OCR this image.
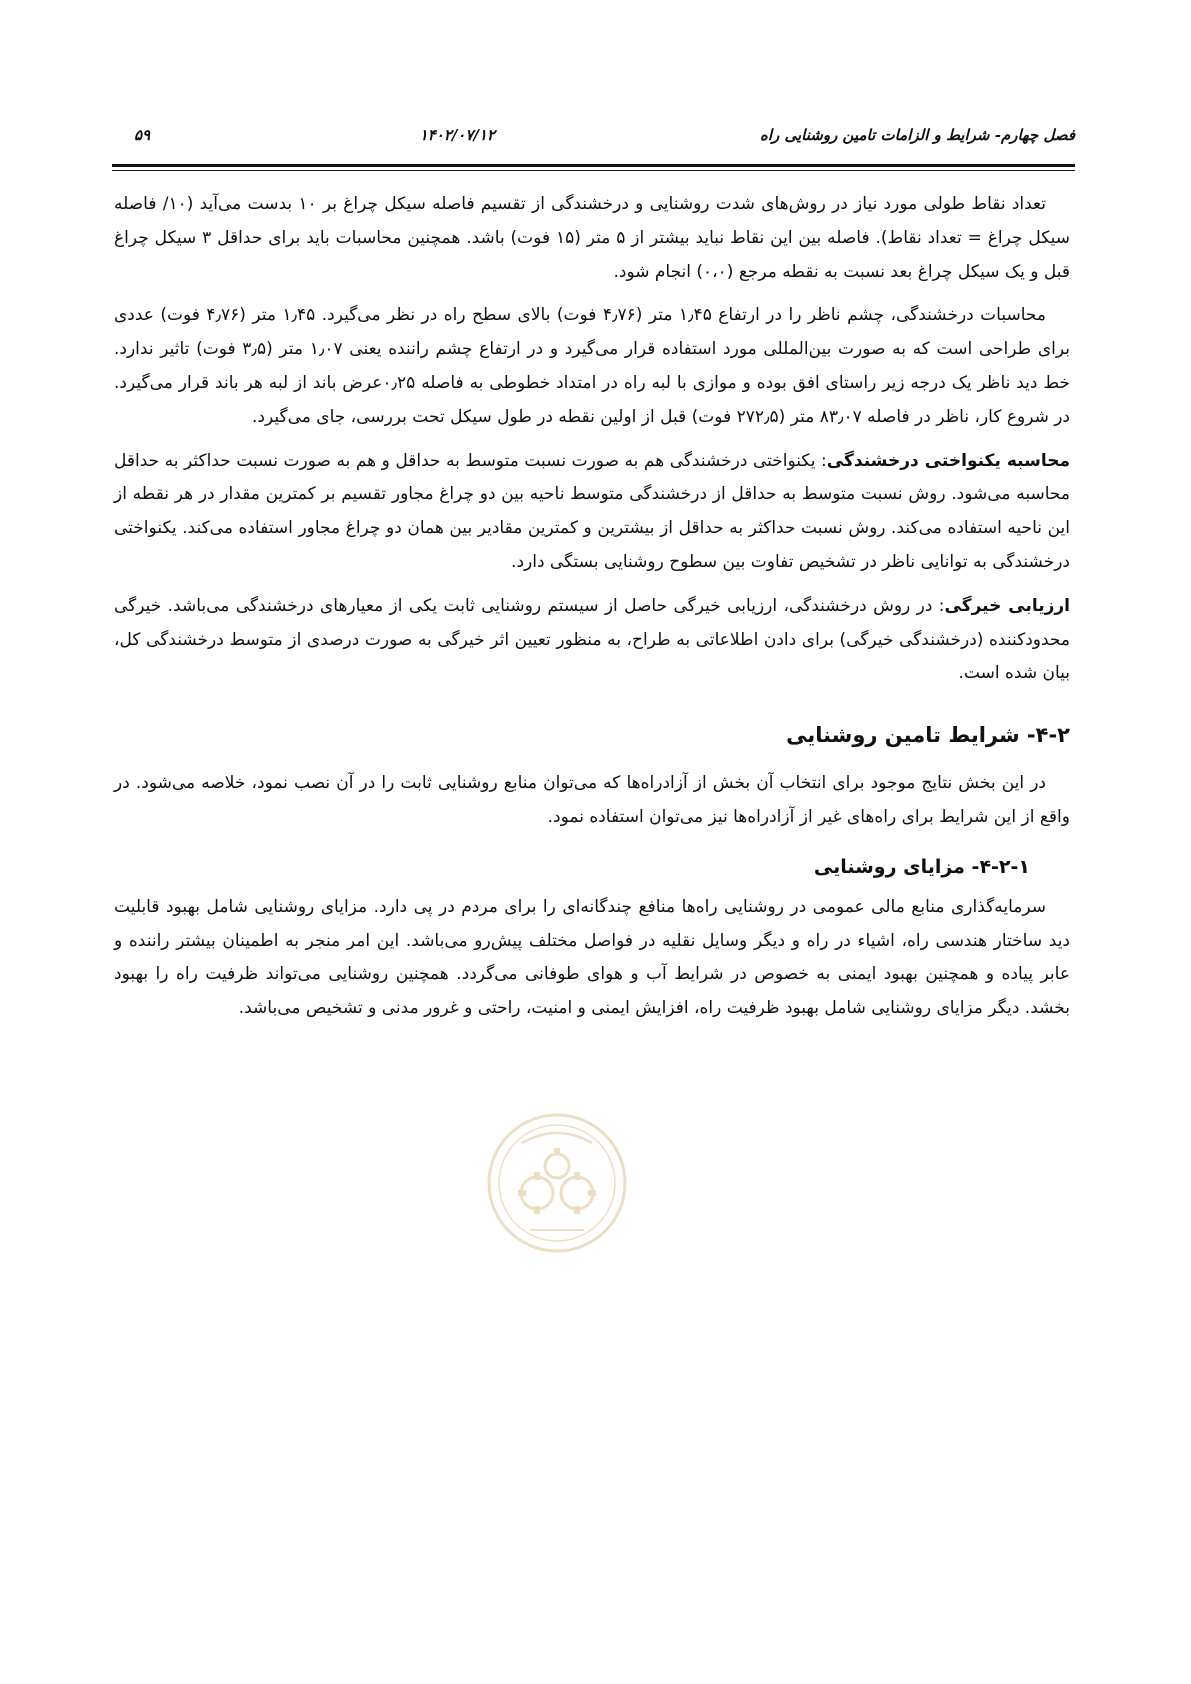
فصل چهارم- شرایط و الزامات تامین روشنایی راه
۱۴۰۲/۰۷/۱۲
۵۹

تعداد نقاط طولی مورد نیاز در روش‌های شدت روشنایی و درخشندگی از تقسیم فاصله سیکل چراغ بر ۱۰ بدست می‌آید (۱۰/ فاصله سیکل چراغ = تعداد نقاط). فاصله بین این نقاط نباید بیشتر از ۵ متر (۱۵ فوت) باشد. همچنین محاسبات باید برای حداقل ۳ سیکل چراغ قبل و یک سیکل چراغ بعد نسبت به نقطه مرجع (۰،۰) انجام شود.

محاسبات درخشندگی، چشم ناظر را در ارتفاع ۱٫۴۵ متر (۴٫۷۶ فوت) بالای سطح راه در نظر می‌گیرد. ۱٫۴۵ متر (۴٫۷۶ فوت) عددی برای طراحی است که به صورت بین‌المللی مورد استفاده قرار می‌گیرد و در ارتفاع چشم راننده یعنی ۱٫۰۷ متر (۳٫۵ فوت) تاثیر ندارد. خط دید ناظر یک درجه زیر راستای افق بوده و موازی با لبه راه در امتداد خطوطی به فاصله ۰٫۲۵عرض باند از لبه هر باند قرار می‌گیرد. در شروع کار، ناظر در فاصله ۸۳٫۰۷ متر (۲۷۲٫۵ فوت) قبل از اولین نقطه در طول سیکل تحت بررسی، جای می‌گیرد.

محاسبه یکنواختی درخشندگی: یکنواختی درخشندگی هم به صورت نسبت متوسط به حداقل و هم به صورت نسبت حداکثر به حداقل محاسبه می‌شود. روش نسبت متوسط به حداقل از درخشندگی متوسط ناحیه بین دو چراغ مجاور تقسیم بر کمترین مقدار در هر نقطه از این ناحیه استفاده می‌کند. روش نسبت حداکثر به حداقل از بیشترین و کمترین مقادیر بین همان دو چراغ مجاور استفاده می‌کند. یکنواختی درخشندگی به توانایی ناظر در تشخیص تفاوت بین سطوح روشنایی بستگی دارد.

ارزیابی خیرگی: در روش درخشندگی، ارزیابی خیرگی حاصل از سیستم روشنایی ثابت یکی از معیارهای درخشندگی می‌باشد. خیرگی محدودکننده (درخشندگی خیرگی) برای دادن اطلاعاتی به طراح، به منظور تعیین اثر خیرگی به صورت درصدی از متوسط درخشندگی کل، بیان شده است.

۴-۲- شرایط تامین روشنایی

در این بخش نتایج موجود برای انتخاب آن بخش از آزادراه‌ها که می‌توان منابع روشنایی ثابت را در آن نصب نمود، خلاصه می‌شود. در واقع از این شرایط برای راه‌های غیر از آزادراه‌ها نیز می‌توان استفاده نمود.

۴-۲-۱- مزایای روشنایی

سرمایه‌گذاری منابع مالی عمومی در روشنایی راه‌ها منافع چندگانه‌ای را برای مردم در پی دارد. مزایای روشنایی شامل بهبود قابلیت دید ساختار هندسی راه، اشیاء در راه و دیگر وسایل نقلیه در فواصل مختلف پیش‌رو می‌باشد. این امر منجر به اطمینان بیشتر راننده و عابر پیاده و همچنین بهبود ایمنی به خصوص در شرایط آب و هوای طوفانی می‌گردد. همچنین روشنایی می‌تواند ظرفیت راه را بهبود بخشد. دیگر مزایای روشنایی شامل بهبود ظرفیت راه، افزایش ایمنی و امنیت، راحتی و غرور مدنی و تشخیص می‌باشد.
